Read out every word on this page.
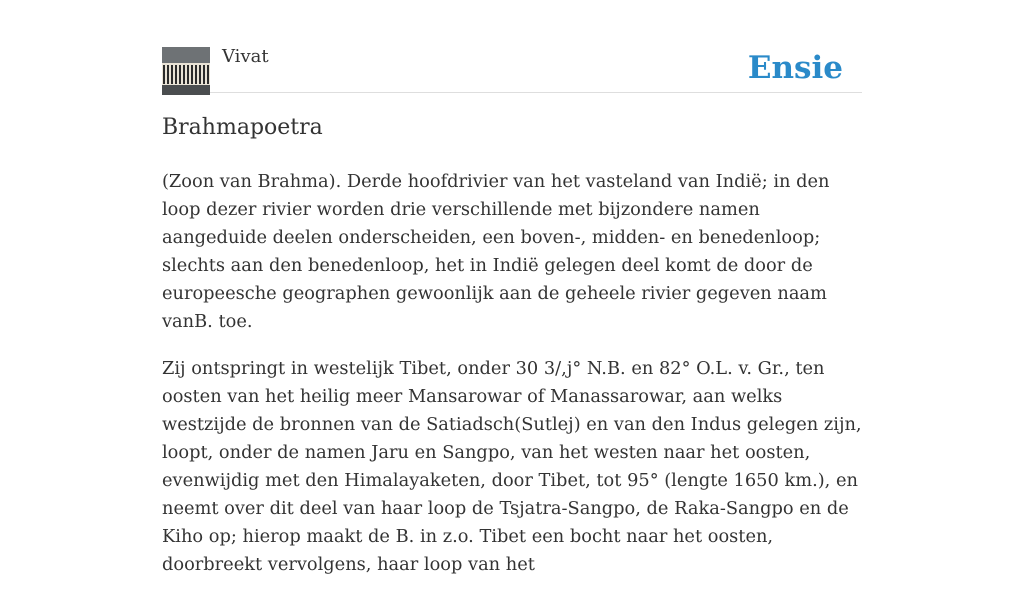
Vivat	Ensie
Brahmapoetra

(Zoon van Brahma). Derde hoofdrivier van het vasteland van Indië; in den loop dezer rivier worden drie verschillende met bijzondere namen aangeduide deelen onderscheiden, een boven-, midden- en benedenloop; slechts aan den benedenloop, het in Indië gelegen deel komt de door de europeesche geographen gewoonlijk aan de geheele rivier gegeven naam vanB. toe.

Zij ontspringt in westelijk Tibet, onder 30 3/,j° N.B. en 82° O.L. v. Gr., ten oosten van het heilig meer Mansarowar of Manassarowar, aan welks westzijde de bronnen van de Satiadsch(Sutlej) en van den Indus gelegen zijn, loopt, onder de namen Jaru en Sangpo, van het westen naar het oosten, evenwijdig met den Himalayaketen, door Tibet, tot 95° (lengte 1650 km.), en neemt over dit deel van haar loop de Tsjatra-Sangpo, de Raka-Sangpo en de Kiho op; hierop maakt de B. in z.o. Tibet een bocht naar het oosten, doorbreekt vervolgens, haar loop van het
